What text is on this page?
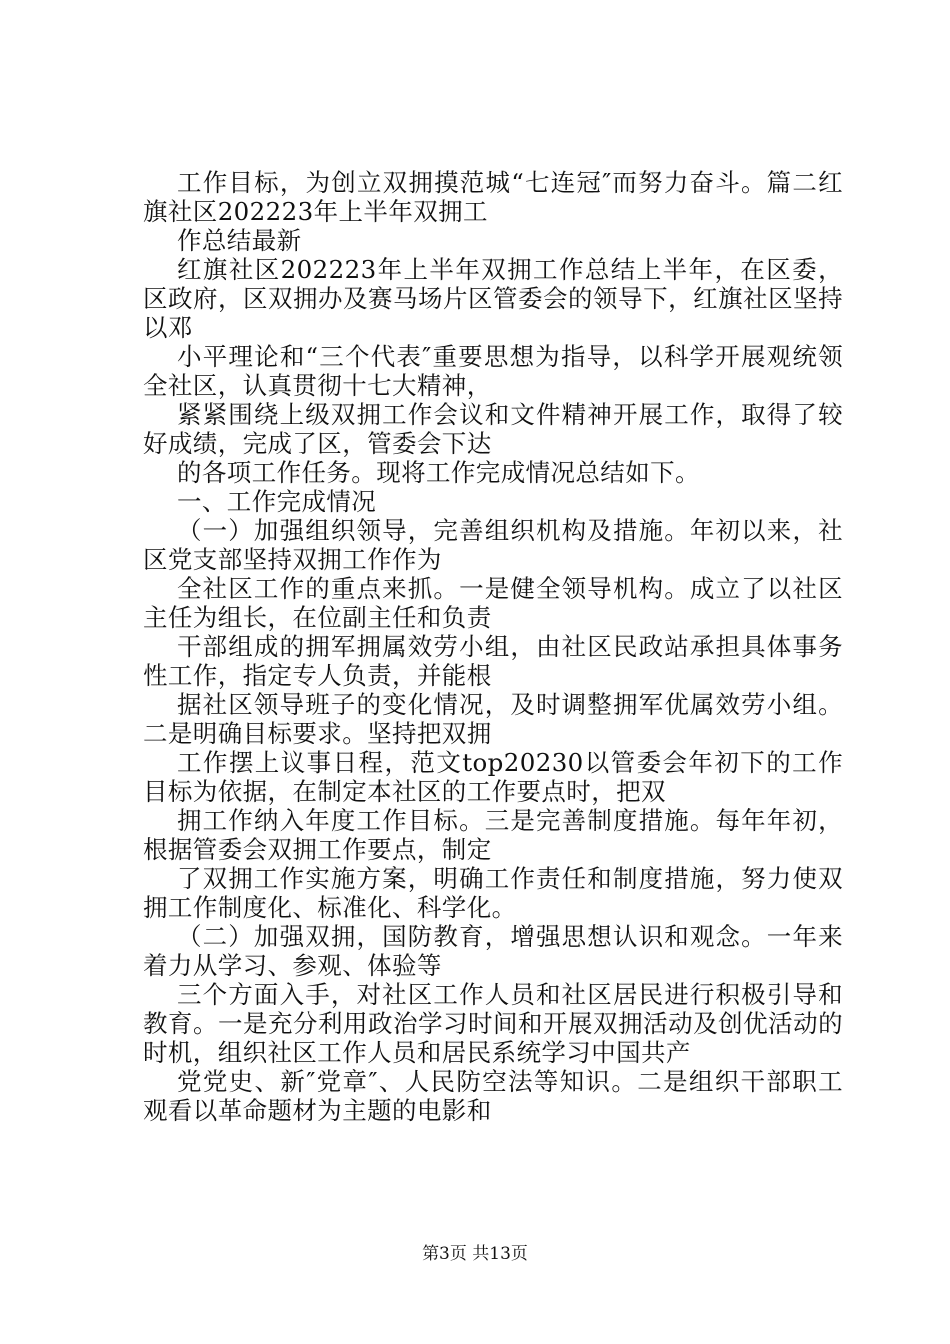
工作目标，为创立双拥摸范城“七连冠″而努力奋斗。篇二红旗社区202223年上半年双拥工

作总结最新

红旗社区202223年上半年双拥工作总结上半年，在区委，区政府，区双拥办及赛马场片区管委会的领导下，红旗社区坚持以邓

小平理论和“三个代表″重要思想为指导，以科学开展观统领全社区，认真贯彻十七大精神，

紧紧围绕上级双拥工作会议和文件精神开展工作，取得了较好成绩，完成了区，管委会下达

的各项工作任务。现将工作完成情况总结如下。

一、工作完成情况

（一）加强组织领导，完善组织机构及措施。年初以来，社区党支部坚持双拥工作作为

全社区工作的重点来抓。一是健全领导机构。成立了以社区主任为组长，在位副主任和负责

干部组成的拥军拥属效劳小组，由社区民政站承担具体事务性工作，指定专人负责，并能根

据社区领导班子的变化情况，及时调整拥军优属效劳小组。二是明确目标要求。坚持把双拥

工作摆上议事日程，范文top20230以管委会年初下的工作目标为依据，在制定本社区的工作要点时，把双

拥工作纳入年度工作目标。三是完善制度措施。每年年初，根据管委会双拥工作要点，制定

了双拥工作实施方案，明确工作责任和制度措施，努力使双拥工作制度化、标准化、科学化。

（二）加强双拥，国防教育，增强思想认识和观念。一年来着力从学习、参观、体验等

三个方面入手，对社区工作人员和社区居民进行积极引导和教育。一是充分利用政治学习时间和开展双拥活动及创优活动的时机，组织社区工作人员和居民系统学习中国共产

党党史、新″党章″、人民防空法等知识。二是组织干部职工观看以革命题材为主题的电影和

第3页 共13页
